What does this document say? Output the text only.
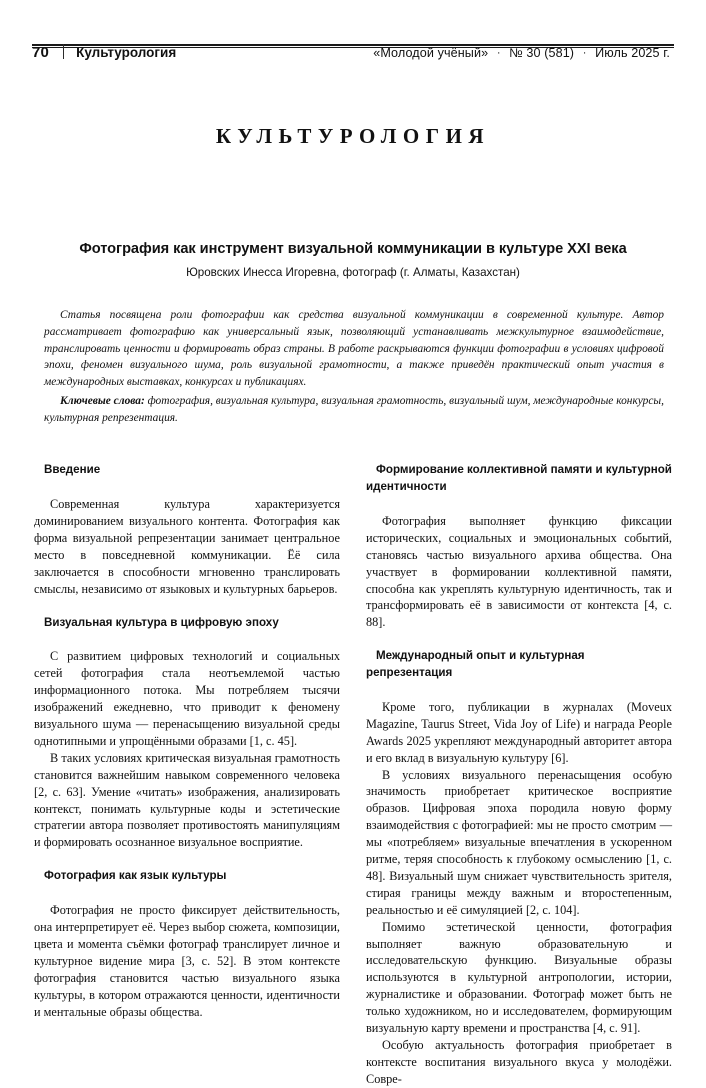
70 Культурология	«Молодой учёный» · № 30 (581) · Июль 2025 г.
КУЛЬТУРОЛОГИЯ
Фотография как инструмент визуальной коммуникации в культуре XXI века
Юровских Инесса Игоревна, фотограф (г. Алматы, Казахстан)

Статья посвящена роли фотографии как средства визуальной коммуникации в современной культуре. Автор рассматривает фотографию как универсальный язык, позволяющий устанавливать межкультурное взаимодействие, транслировать ценности и формировать образ страны. В работе раскрываются функции фотографии в условиях цифровой эпохи, феномен визуального шума, роль визуальной грамотности, а также приведён практический опыт участия в международных выставках, конкурсах и публикациях.

Ключевые слова: фотография, визуальная культура, визуальная грамотность, визуальный шум, международные конкурсы, культурная репрезентация.

Введение

Современная культура характеризуется доминированием визуального контента. Фотография как форма визуальной репрезентации занимает центральное место в повседневной коммуникации. Ёё сила заключается в способности мгновенно транслировать смыслы, независимо от языковых и культурных барьеров.

Визуальная культура в цифровую эпоху

С развитием цифровых технологий и социальных сетей фотография стала неотъемлемой частью информационного потока. Мы потребляем тысячи изображений ежедневно, что приводит к феномену визуального шума — перенасыщению визуальной среды однотипными и упрощёнными образами [1, с. 45].

В таких условиях критическая визуальная грамотность становится важнейшим навыком современного человека [2, с. 63]. Умение «читать» изображения, анализировать контекст, понимать культурные коды и эстетические стратегии автора позволяет противостоять манипуляциям и формировать осознанное визуальное восприятие.

Фотография как язык культуры

Фотография не просто фиксирует действительность, она интерпретирует её. Через выбор сюжета, композиции, цвета и момента съёмки фотограф транслирует личное и культурное видение мира [3, с. 52]. В этом контексте фотография становится частью визуального языка культуры, в котором отражаются ценности, идентичности и ментальные образы общества.

Формирование коллективной памяти и культурной идентичности

Фотография выполняет функцию фиксации исторических, социальных и эмоциональных событий, становясь частью визуального архива общества. Она участвует в формировании коллективной памяти, способна как укреплять культурную идентичность, так и трансформировать её в зависимости от контекста [4, с. 88].

Международный опыт и культурная репрезентация

Кроме того, публикации в журналах (Moveux Magazine, Taurus Street, Vida Joy of Life) и награда People Awards 2025 укрепляют международный авторитет автора и его вклад в визуальную культуру [6].

В условиях визуального перенасыщения особую значимость приобретает критическое восприятие образов. Цифровая эпоха породила новую форму взаимодействия с фотографией: мы не просто смотрим — мы «потребляем» визуальные впечатления в ускоренном ритме, теряя способность к глубокому осмыслению [1, с. 48]. Визуальный шум снижает чувствительность зрителя, стирая границы между важным и второстепенным, реальностью и её симуляцией [2, с. 104].

Помимо эстетической ценности, фотография выполняет важную образовательную и исследовательскую функцию. Визуальные образы используются в культурной антропологии, истории, журналистике и образовании. Фотограф может быть не только художником, но и исследователем, формирующим визуальную карту времени и пространства [4, с. 91].

Особую актуальность фотография приобретает в контексте воспитания визуального вкуса у молодёжи. Совре-
